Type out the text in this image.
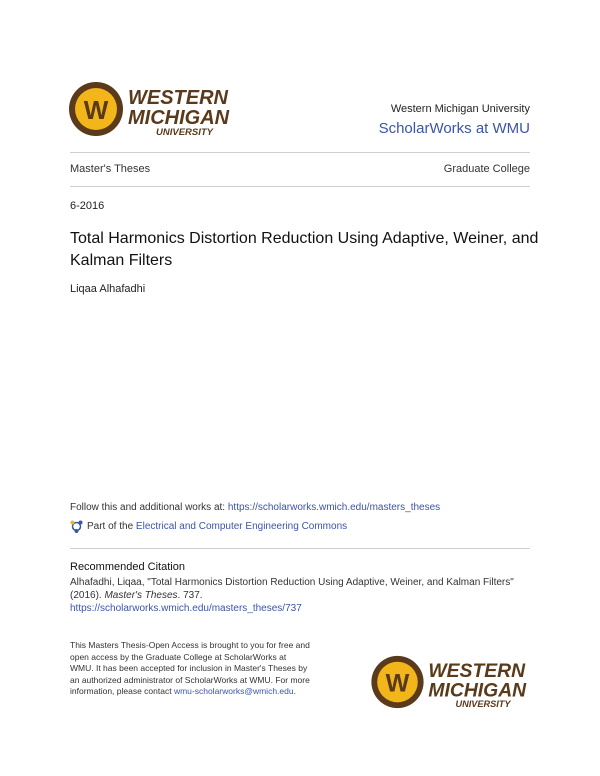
W WESTERN
MICHIGAN
UNIVERSITY
Western Michigan University
ScholarWorks at WMU
Master's Theses	Graduate College
6-2016
Total Harmonics Distortion Reduction Using Adaptive, Weiner, and Kalman Filters
Liqaa Alhafadhi
Follow this and additional works at: https://scholarworks.wmich.edu/masters_theses
Part of the Electrical and Computer Engineering Commons
Recommended Citation
Alhafadhi, Liqaa, "Total Harmonics Distortion Reduction Using Adaptive, Weiner, and Kalman Filters"
(2016). Master's Theses. 737.
https://scholarworks.wmich.edu/masters_theses/737
This Masters Thesis-Open Access is brought to you for free and open access by the Graduate College at ScholarWorks at WMU. It has been accepted for inclusion in Master's Theses by an authorized administrator of ScholarWorks at WMU. For more information, please contact wmu-scholarworks@wmich.edu.	W WESTERN
MICHIGAN
UNIVERSITY
